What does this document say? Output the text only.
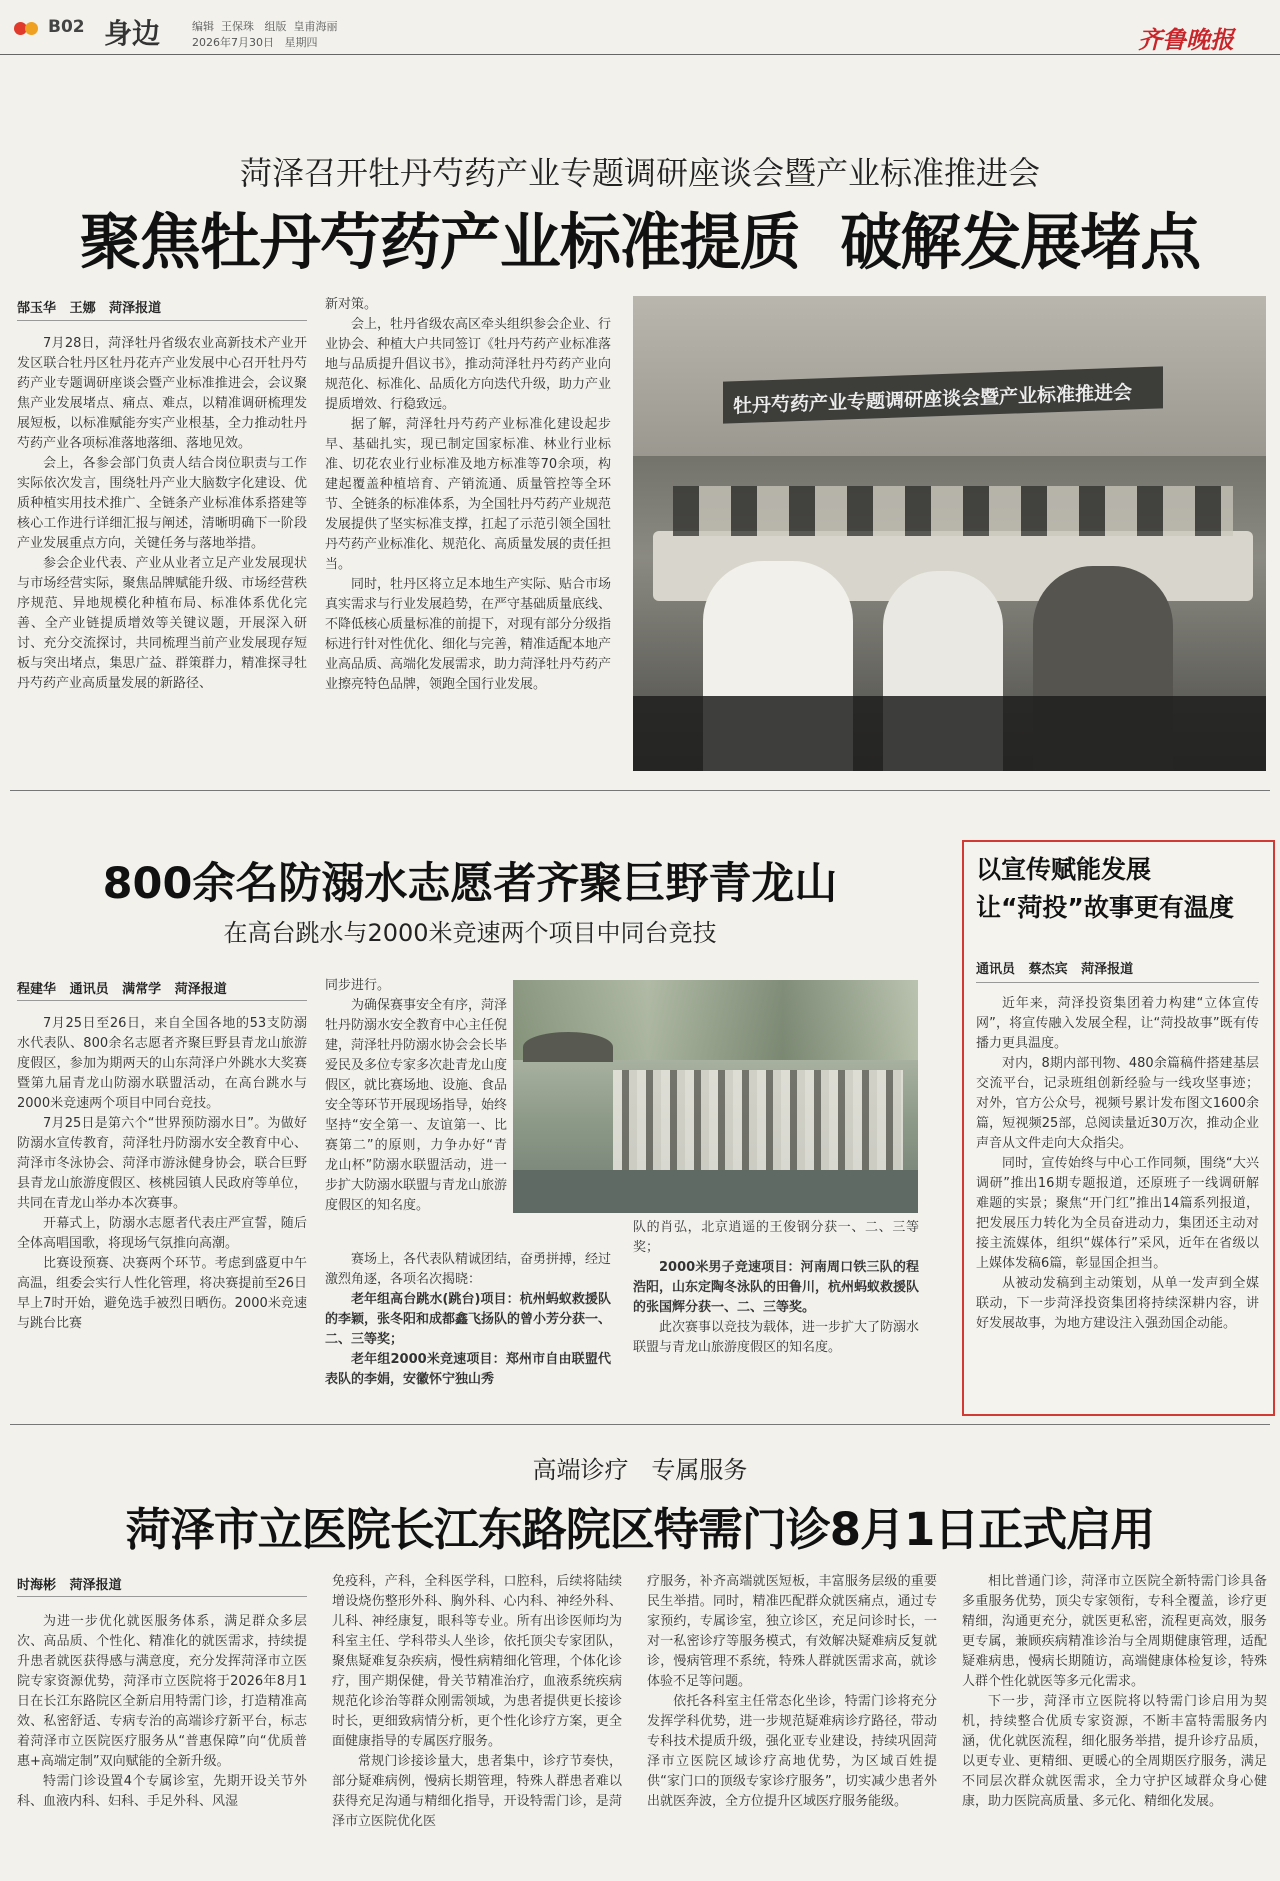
B02 身边	编辑  王保珠   组版  皇甫海丽
2026年7月30日   星期四	齐鲁晚报
菏泽召开牡丹芍药产业专题调研座谈会暨产业标准推进会
聚焦牡丹芍药产业标准提质  破解发展堵点
郜玉华   王娜   菏泽报道

7月28日，菏泽牡丹省级农业高新技术产业开发区联合牡丹区牡丹花卉产业发展中心召开牡丹芍药产业专题调研座谈会暨产业标准推进会，会议聚焦产业发展堵点、痛点、难点，以精准调研梳理发展短板，以标准赋能夯实产业根基，全力推动牡丹芍药产业各项标准落地落细、落地见效。

会上，各参会部门负责人结合岗位职责与工作实际依次发言，围绕牡丹产业大脑数字化建设、优质种植实用技术推广、全链条产业标准体系搭建等核心工作进行详细汇报与阐述，清晰明确下一阶段产业发展重点方向，关键任务与落地举措。

参会企业代表、产业从业者立足产业发展现状与市场经营实际，聚焦品牌赋能升级、市场经营秩序规范、异地规模化种植布局、标准体系优化完善、全产业链提质增效等关键议题，开展深入研讨、充分交流探讨，共同梳理当前产业发展现存短板与突出堵点，集思广益、群策群力，精准探寻牡丹芍药产业高质量发展的新路径、

新对策。

会上，牡丹省级农高区牵头组织参会企业、行业协会、种植大户共同签订《牡丹芍药产业标准落地与品质提升倡议书》，推动菏泽牡丹芍药产业向规范化、标准化、品质化方向迭代升级，助力产业提质增效、行稳致远。

据了解，菏泽牡丹芍药产业标准化建设起步早、基础扎实，现已制定国家标准、林业行业标准、切花农业行业标准及地方标准等70余项，构建起覆盖种植培育、产销流通、质量管控等全环节、全链条的标准体系，为全国牡丹芍药产业规范发展提供了坚实标准支撑，扛起了示范引领全国牡丹芍药产业标准化、规范化、高质量发展的责任担当。

同时，牡丹区将立足本地生产实际、贴合市场真实需求与行业发展趋势，在严守基础质量底线、不降低核心质量标准的前提下，对现有部分分级指标进行针对性优化、细化与完善，精准适配本地产业高品质、高端化发展需求，助力菏泽牡丹芍药产业擦亮特色品牌，领跑全国行业发展。

牡丹芍药产业专题调研座谈会暨产业标准推进会
800余名防溺水志愿者齐聚巨野青龙山
在高台跳水与2000米竞速两个项目中同台竞技
程建华   通讯员   满常学   菏泽报道

7月25日至26日，来自全国各地的53支防溺水代表队、800余名志愿者齐聚巨野县青龙山旅游度假区，参加为期两天的山东菏泽户外跳水大奖赛暨第九届青龙山防溺水联盟活动，在高台跳水与2000米竞速两个项目中同台竞技。

7月25日是第六个“世界预防溺水日”。为做好防溺水宣传教育，菏泽牡丹防溺水安全教育中心、菏泽市冬泳协会、菏泽市游泳健身协会，联合巨野县青龙山旅游度假区、核桃园镇人民政府等单位，共同在青龙山举办本次赛事。

开幕式上，防溺水志愿者代表庄严宣誓，随后全体高唱国歌，将现场气氛推向高潮。

比赛设预赛、决赛两个环节。考虑到盛夏中午高温，组委会实行人性化管理，将决赛提前至26日早上7时开始，避免选手被烈日晒伤。2000米竞速与跳台比赛

同步进行。

为确保赛事安全有序，菏泽牡丹防溺水安全教育中心主任倪建，菏泽牡丹防溺水协会会长毕爱民及多位专家多次赴青龙山度假区，就比赛场地、设施、食品安全等环节开展现场指导，始终坚持“安全第一、友谊第一、比赛第二”的原则，力争办好“青龙山杯”防溺水联盟活动，进一步扩大防溺水联盟与青龙山旅游度假区的知名度。

赛场上，各代表队精诚团结，奋勇拼搏，经过激烈角逐，各项名次揭晓：

老年组高台跳水(跳台)项目：杭州蚂蚁救援队的李颖，张冬阳和成都鑫飞扬队的曾小芳分获一、二、三等奖；

老年组2000米竞速项目：郑州市自由联盟代表队的李娟，安徽怀宁独山秀

队的肖弘，北京逍遥的王俊钢分获一、二、三等奖；

2000米男子竞速项目：河南周口铁三队的程浩阳，山东定陶冬泳队的田鲁川，杭州蚂蚁救援队的张国辉分获一、二、三等奖。

此次赛事以竞技为载体，进一步扩大了防溺水联盟与青龙山旅游度假区的知名度。

以宣传赋能发展
让“菏投”故事更有温度
通讯员   蔡杰宾   菏泽报道

近年来，菏泽投资集团着力构建“立体宣传网”，将宣传融入发展全程，让“菏投故事”既有传播力更具温度。

对内，8期内部刊物、480余篇稿件搭建基层交流平台，记录班组创新经验与一线攻坚事迹；对外，官方公众号，视频号累计发布图文1600余篇，短视频25部，总阅读量近30万次，推动企业声音从文件走向大众指尖。

同时，宣传始终与中心工作同频，围绕“大兴调研”推出16期专题报道，还原班子一线调研解难题的实景；聚焦“开门红”推出14篇系列报道，把发展压力转化为全员奋进动力，集团还主动对接主流媒体，组织“媒体行”采风，近年在省级以上媒体发稿6篇，彰显国企担当。

从被动发稿到主动策划，从单一发声到全媒联动，下一步菏泽投资集团将持续深耕内容，讲好发展故事，为地方建设注入强劲国企动能。

高端诊疗   专属服务
菏泽市立医院长江东路院区特需门诊8月1日正式启用
时海彬   菏泽报道

为进一步优化就医服务体系，满足群众多层次、高品质、个性化、精准化的就医需求，持续提升患者就医获得感与满意度，充分发挥菏泽市立医院专家资源优势，菏泽市立医院将于2026年8月1日在长江东路院区全新启用特需门诊，打造精准高效、私密舒适、专病专治的高端诊疗新平台，标志着菏泽市立医院医疗服务从“普惠保障”向“优质普惠+高端定制”双向赋能的全新升级。

特需门诊设置4个专属诊室，先期开设关节外科、血液内科、妇科、手足外科、风湿

免疫科，产科，全科医学科，口腔科，后续将陆续增设烧伤整形外科、胸外科、心内科、神经外科、儿科、神经康复，眼科等专业。所有出诊医师均为科室主任、学科带头人坐诊，依托顶尖专家团队，聚焦疑难复杂疾病，慢性病精细化管理，个体化诊疗，围产期保健，骨关节精准治疗，血液系统疾病规范化诊治等群众刚需领域，为患者提供更长接诊时长，更细致病情分析，更个性化诊疗方案，更全面健康指导的专属医疗服务。

常规门诊接诊量大，患者集中，诊疗节奏快，部分疑难病例，慢病长期管理，特殊人群患者难以获得充足沟通与精细化指导，开设特需门诊，是菏泽市立医院优化医

疗服务，补齐高端就医短板，丰富服务层级的重要民生举措。同时，精准匹配群众就医痛点，通过专家预约，专属诊室，独立诊区，充足问诊时长，一对一私密诊疗等服务模式，有效解决疑难病反复就诊，慢病管理不系统，特殊人群就医需求高，就诊体验不足等问题。

依托各科室主任常态化坐诊，特需门诊将充分发挥学科优势，进一步规范疑难病诊疗路径，带动专科技术提质升级，强化亚专业建设，持续巩固菏泽市立医院区域诊疗高地优势，为区域百姓提供“家门口的顶级专家诊疗服务”，切实减少患者外出就医奔波，全方位提升区域医疗服务能级。

相比普通门诊，菏泽市立医院全新特需门诊具备多重服务优势，顶尖专家领衔，专科全覆盖，诊疗更精细，沟通更充分，就医更私密，流程更高效，服务更专属，兼顾疾病精准诊治与全周期健康管理，适配疑难病患，慢病长期随访，高端健康体检复诊，特殊人群个性化就医等多元化需求。

下一步，菏泽市立医院将以特需门诊启用为契机，持续整合优质专家资源，不断丰富特需服务内涵，优化就医流程，细化服务举措，提升诊疗品质，以更专业、更精细、更暖心的全周期医疗服务，满足不同层次群众就医需求，全力守护区域群众身心健康，助力医院高质量、多元化、精细化发展。
